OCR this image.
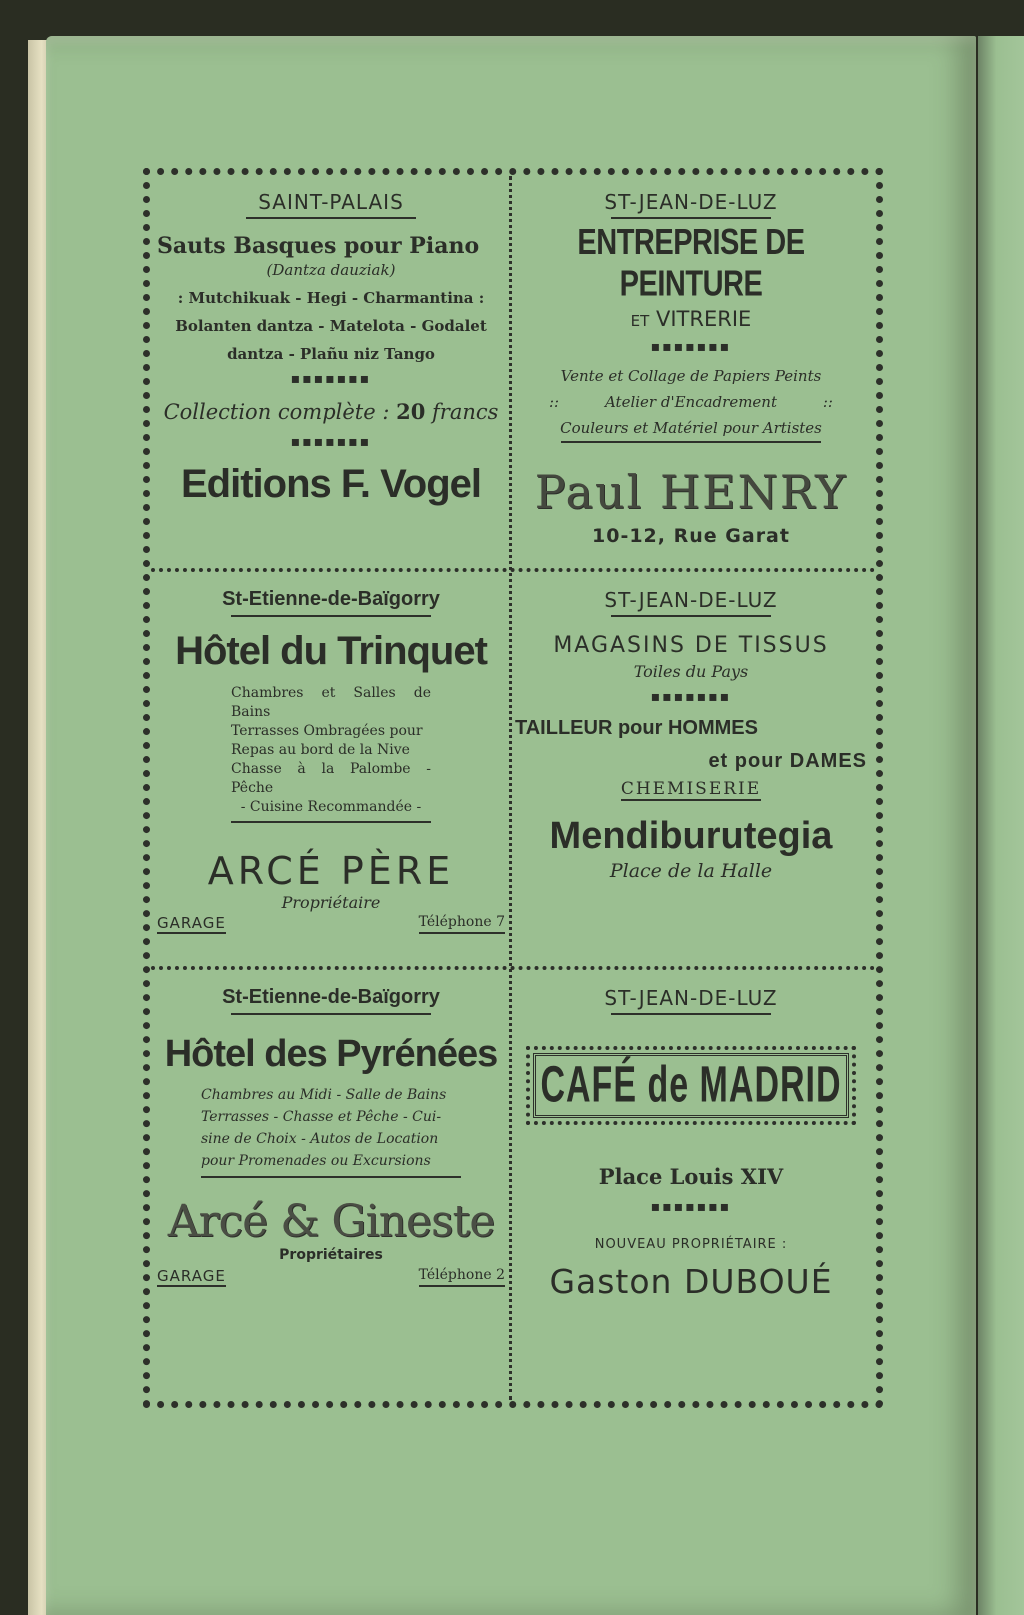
SAINT-PALAIS
Sauts Basques pour Piano
(Dantza dauziak)
: Mutchikuak - Hegi - Charmantina :
Bolanten dantza - Matelota - Godalet
dantza - Plañu niz Tango
▪▪▪▪▪▪▪
Collection complète : 20 francs
▪▪▪▪▪▪▪
Editions F. Vogel
ST-JEAN-DE-LUZ
ENTREPRISE DE PEINTURE
ET VITRERIE
▪▪▪▪▪▪▪
Vente et Collage de Papiers Peints
::	Atelier d'Encadrement	::
Couleurs et Matériel pour Artistes
Paul HENRY
10-12, Rue Garat
St-Etienne-de-Baïgorry
Hôtel du Trinquet
Chambres et Salles de Bains
Terrasses Ombragées pour
Repas au bord de la Nive
Chasse à la Palombe - Pêche
- Cuisine Recommandée -
ARCÉ PÈRE
Propriétaire
GARAGE	Téléphone 7
ST-JEAN-DE-LUZ
MAGASINS DE TISSUS
Toiles du Pays
▪▪▪▪▪▪▪
TAILLEUR pour HOMMES
et pour DAMES
CHEMISERIE
Mendiburutegia
Place de la Halle
St-Etienne-de-Baïgorry
Hôtel des Pyrénées
Chambres au Midi - Salle de Bains
Terrasses - Chasse et Pêche - Cui-
sine de Choix - Autos de Location
pour Promenades ou Excursions
Arcé & Gineste
Propriétaires
GARAGE	Téléphone 2
ST-JEAN-DE-LUZ
CAFÉ de MADRID
Place Louis XIV
▪▪▪▪▪▪▪
NOUVEAU PROPRIÉTAIRE :
Gaston DUBOUÉ
